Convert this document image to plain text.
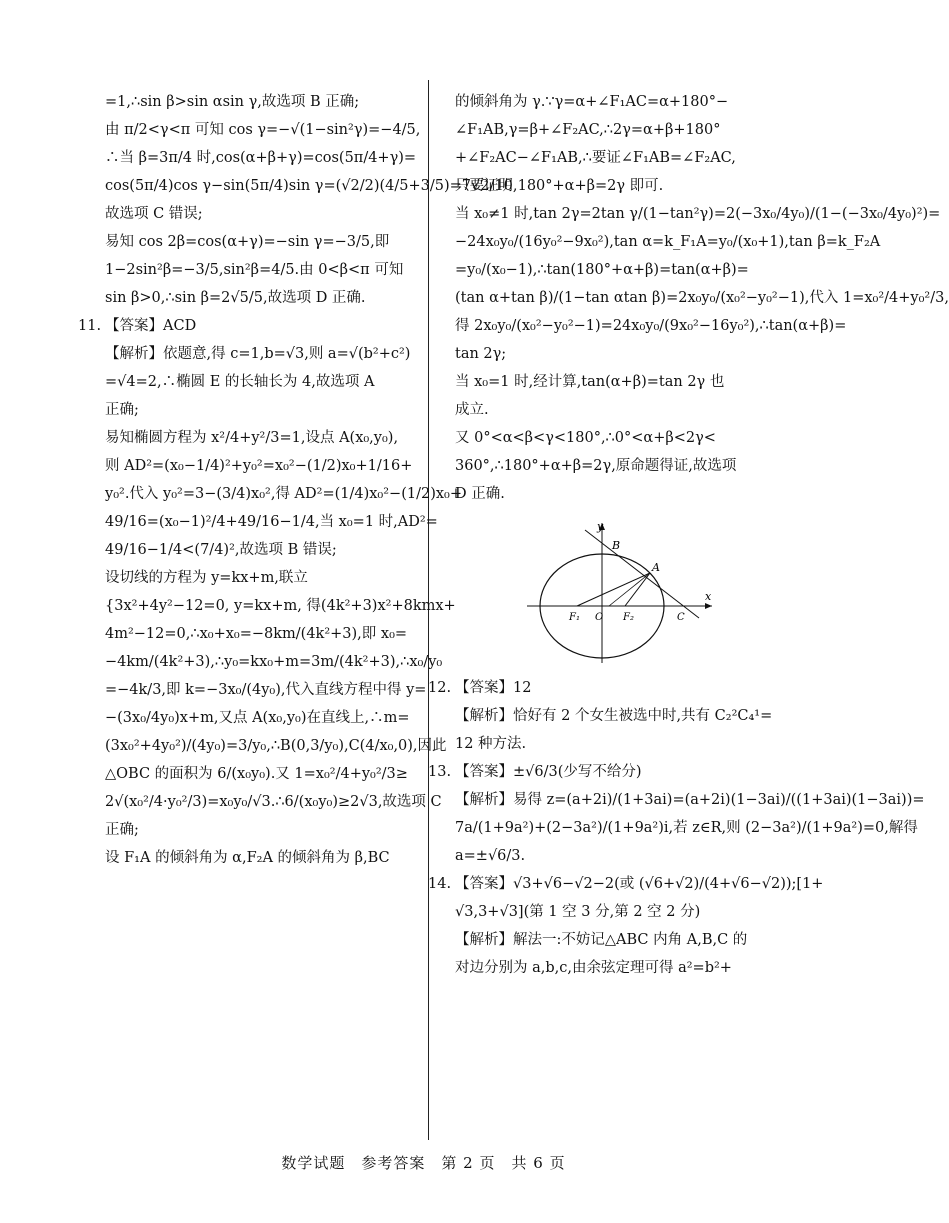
=1,∴sin β>sin αsin γ,故选项 B 正确;
由 π/2<γ<π 可知 cos γ=−√(1−sin²γ)=−4/5,
∴当 β=3π/4 时,cos(α+β+γ)=cos(5π/4+γ)=
cos(5π/4)cos γ−sin(5π/4)sin γ=(√2/2)(4/5+3/5)=7√2/10,
故选项 C 错误;
易知 cos 2β=cos(α+γ)=−sin γ=−3/5,即
1−2sin²β=−3/5,sin²β=4/5.由 0<β<π 可知
sin β>0,∴sin β=2√5/5,故选项 D 正确.
11. 【答案】ACD
【解析】依题意,得 c=1,b=√3,则 a=√(b²+c²)
=√4=2,∴椭圆 E 的长轴长为 4,故选项 A
正确;
易知椭圆方程为 x²/4+y²/3=1,设点 A(x₀,y₀),
则 AD²=(x₀−1/4)²+y₀²=x₀²−(1/2)x₀+1/16+
y₀².代入 y₀²=3−(3/4)x₀²,得 AD²=(1/4)x₀²−(1/2)x₀+
49/16=(x₀−1)²/4+49/16−1/4,当 x₀=1 时,AD²=
49/16−1/4<(7/4)²,故选项 B 错误;
设切线的方程为 y=kx+m,联立
{3x²+4y²−12=0, y=kx+m, 得(4k²+3)x²+8kmx+
4m²−12=0,∴x₀+x₀=−8km/(4k²+3),即 x₀=
−4km/(4k²+3),∴y₀=kx₀+m=3m/(4k²+3),∴x₀/y₀
=−4k/3,即 k=−3x₀/(4y₀),代入直线方程中得 y=
−(3x₀/4y₀)x+m,又点 A(x₀,y₀)在直线上,∴m=
(3x₀²+4y₀²)/(4y₀)=3/y₀,∴B(0,3/y₀),C(4/x₀,0),因此
△OBC 的面积为 6/(x₀y₀).又 1=x₀²/4+y₀²/3≥
2√(x₀²/4·y₀²/3)=x₀y₀/√3.∴6/(x₀y₀)≥2√3,故选项 C
正确;
设 F₁A 的倾斜角为 α,F₂A 的倾斜角为 β,BC
的倾斜角为 γ.∵γ=α+∠F₁AC=α+180°−
∠F₁AB,γ=β+∠F₂AC,∴2γ=α+β+180°
+∠F₂AC−∠F₁AB,∴要证∠F₁AB=∠F₂AC,
只要证明 180°+α+β=2γ 即可.
当 x₀≠1 时,tan 2γ=2tan γ/(1−tan²γ)=2(−3x₀/4y₀)/(1−(−3x₀/4y₀)²)=
−24x₀y₀/(16y₀²−9x₀²),tan α=k_F₁A=y₀/(x₀+1),tan β=k_F₂A
=y₀/(x₀−1),∴tan(180°+α+β)=tan(α+β)=
(tan α+tan β)/(1−tan αtan β)=2x₀y₀/(x₀²−y₀²−1),代入 1=x₀²/4+y₀²/3,
得 2x₀y₀/(x₀²−y₀²−1)=24x₀y₀/(9x₀²−16y₀²),∴tan(α+β)=
tan 2γ;
当 x₀=1 时,经计算,tan(α+β)=tan 2γ 也
成立.
又 0°<α<β<γ<180°,∴0°<α+β<2γ<
360°,∴180°+α+β=2γ,原命题得证,故选项
D 正确.
y
x
B
A
F₁ O F₂	C
12. 【答案】12
【解析】恰好有 2 个女生被选中时,共有 C₂²C₄¹=
12 种方法.
13. 【答案】±√6/3(少写不给分)
【解析】易得 z=(a+2i)/(1+3ai)=(a+2i)(1−3ai)/((1+3ai)(1−3ai))=
7a/(1+9a²)+(2−3a²)/(1+9a²)i,若 z∈R,则 (2−3a²)/(1+9a²)=0,解得
a=±√6/3.
14. 【答案】√3+√6−√2−2(或 (√6+√2)/(4+√6−√2));[1+
√3,3+√3](第 1 空 3 分,第 2 空 2 分)
【解析】解法一:不妨记△ABC 内角 A,B,C 的
对边分别为 a,b,c,由余弦定理可得 a²=b²+
数学试题　参考答案　第 2 页　共 6 页
